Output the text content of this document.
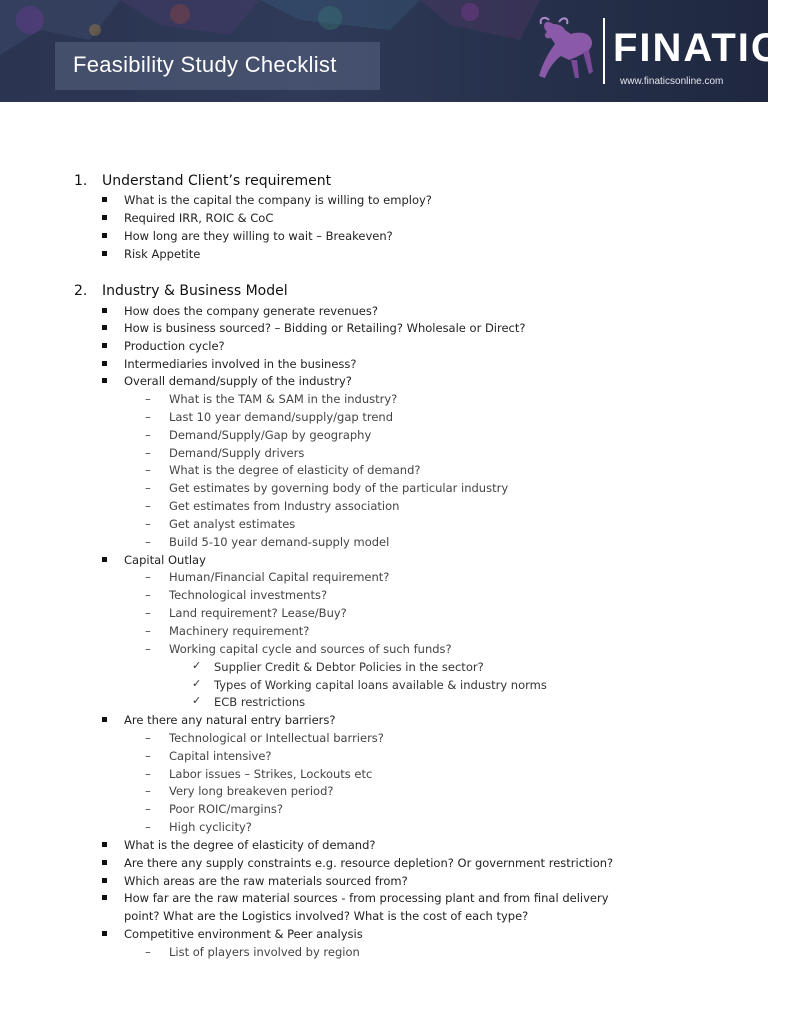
Feasibility Study Checklist	FINATICS
www.finaticsonline.com
1. Understand Client’s requirement
What is the capital the company is willing to employ?
Required IRR, ROIC & CoC
How long are they willing to wait – Breakeven?
Risk Appetite
2. Industry & Business Model
How does the company generate revenues?
How is business sourced? – Bidding or Retailing? Wholesale or Direct?
Production cycle?
Intermediaries involved in the business?
Overall demand/supply of the industry?
– What is the TAM & SAM in the industry?
– Last 10 year demand/supply/gap trend
– Demand/Supply/Gap by geography
– Demand/Supply drivers
– What is the degree of elasticity of demand?
– Get estimates by governing body of the particular industry
– Get estimates from Industry association
– Get analyst estimates
– Build 5-10 year demand-supply model
Capital Outlay
– Human/Financial Capital requirement?
– Technological investments?
– Land requirement? Lease/Buy?
– Machinery requirement?
– Working capital cycle and sources of such funds?
✓ Supplier Credit & Debtor Policies in the sector?
✓ Types of Working capital loans available & industry norms
✓ ECB restrictions
Are there any natural entry barriers?
– Technological or Intellectual barriers?
– Capital intensive?
– Labor issues – Strikes, Lockouts etc
– Very long breakeven period?
– Poor ROIC/margins?
– High cyclicity?
What is the degree of elasticity of demand?
Are there any supply constraints e.g. resource depletion? Or government restriction?
Which areas are the raw materials sourced from?
How far are the raw material sources - from processing plant and from final delivery
point? What are the Logistics involved? What is the cost of each type?
Competitive environment & Peer analysis
– List of players involved by region
